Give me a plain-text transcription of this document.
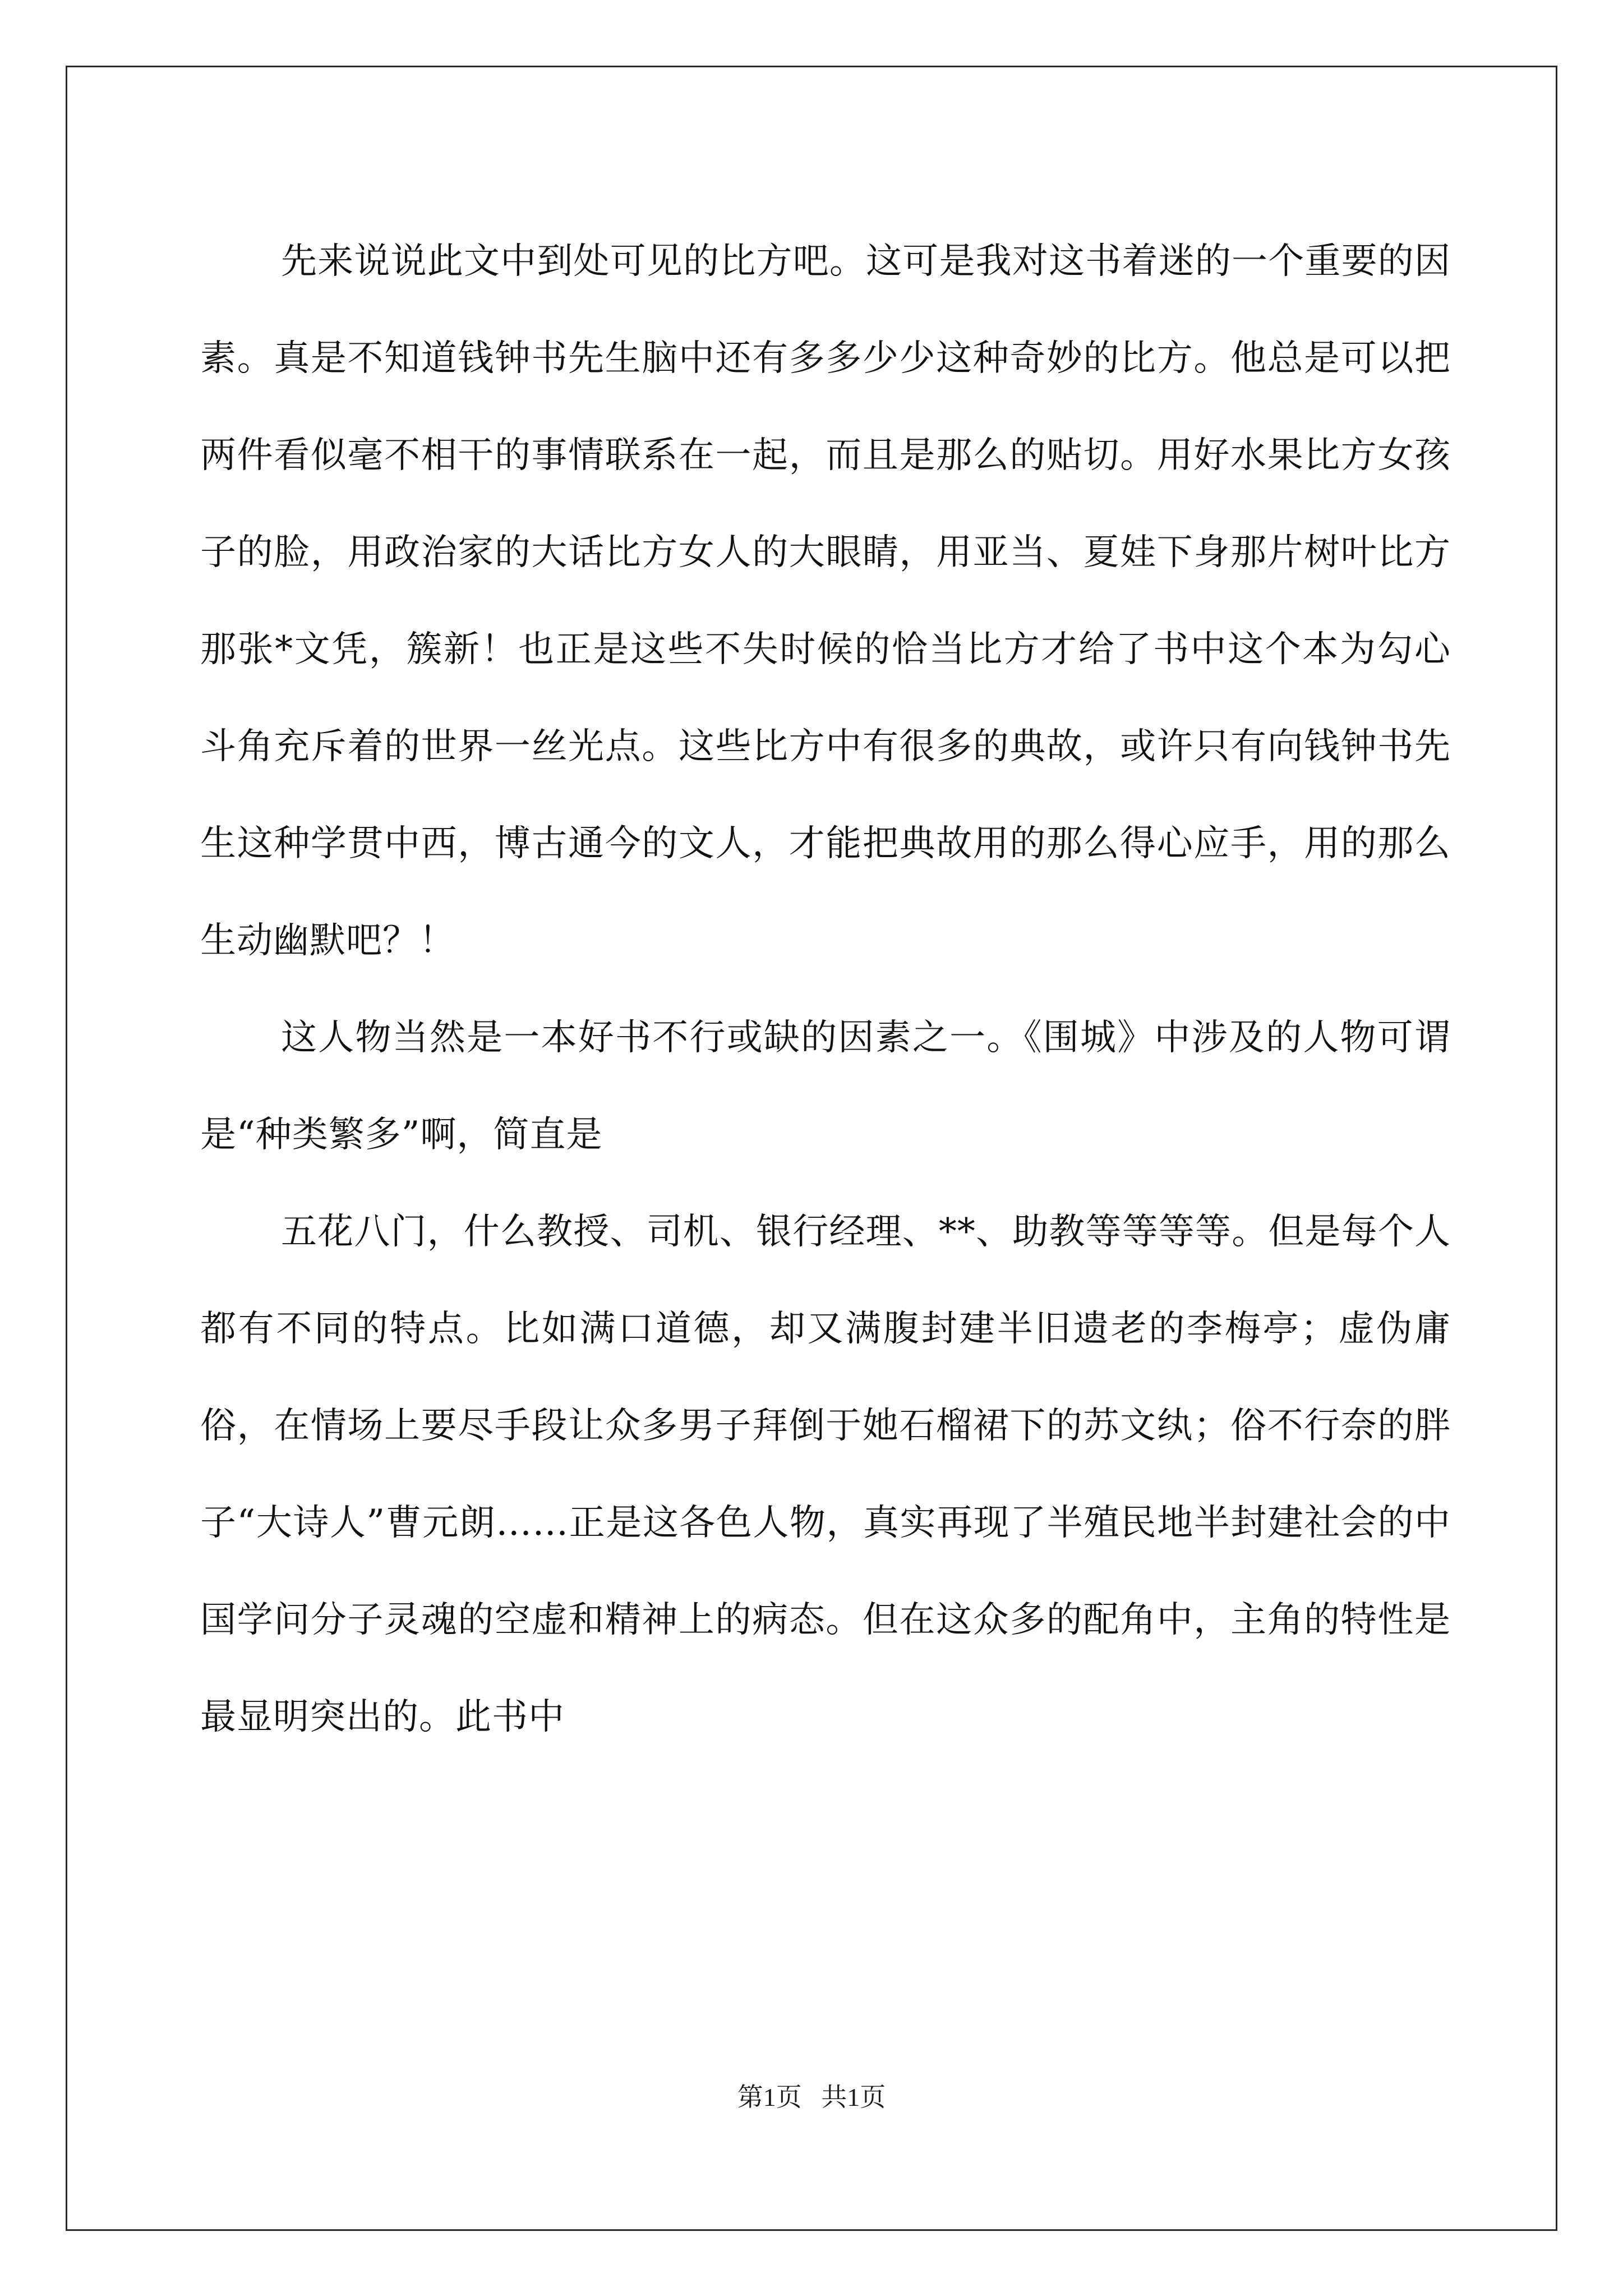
先来说说此文中到处可见的比方吧。这可是我对这书着迷的一个重要的因素。真是不知道钱钟书先生脑中还有多多少少这种奇妙的比方。他总是可以把两件看似毫不相干的事情联系在一起，而且是那么的贴切。用好水果比方女孩子的脸，用政治家的大话比方女人的大眼睛，用亚当、夏娃下身那片树叶比方那张*文凭，簇新！也正是这些不失时候的恰当比方才给了书中这个本为勾心斗角充斥着的世界一丝光点。这些比方中有很多的典故，或许只有向钱钟书先生这种学贯中西，博古通今的文人，才能把典故用的那么得心应手，用的那么生动幽默吧？！

这人物当然是一本好书不行或缺的因素之一。《围城》中涉及的人物可谓是“种类繁多”啊，简直是

五花八门，什么教授、司机、银行经理、**、助教等等等等。但是每个人都有不同的特点。比如满口道德，却又满腹封建半旧遗老的李梅亭；虚伪庸俗，在情场上要尽手段让众多男子拜倒于她石榴裙下的苏文纨；俗不行奈的胖子“大诗人”曹元朗……正是这各色人物，真实再现了半殖民地半封建社会的中国学问分子灵魂的空虚和精神上的病态。但在这众多的配角中，主角的特性是最显明突出的。此书中

第1页   共1页
